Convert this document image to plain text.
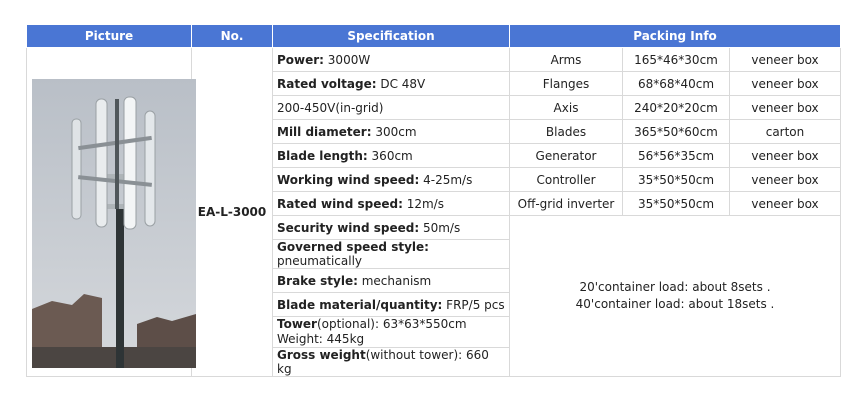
Picture	No.	Specification	Packing Info		

	EA-L-3000	Power: 3000W	Arms	165*46*30cm	veneer box
		Rated voltage: DC 48V	Flanges	68*68*40cm	veneer box
		200-450V(in-grid)	Axis	240*20*20cm	veneer box
		Mill diameter: 300cm	Blades	365*50*60cm	carton
		Blade length: 360cm	Generator	56*56*35cm	veneer box
		Working wind speed: 4-25m/s	Controller	35*50*50cm	veneer box
		Rated wind speed: 12m/s	Off-grid inverter	35*50*50cm	veneer box
		Security wind speed: 50m/s	20'container load: about 8sets .
40'container load: about 18sets .		

		Governed speed style: pneumatically			
		Brake style: mechanism			
		Blade material/quantity: FRP/5 pcs			
		Tower(optional): 63*63*550cm
Weight: 445kg			
		Gross weight(without tower): 660 kg			
